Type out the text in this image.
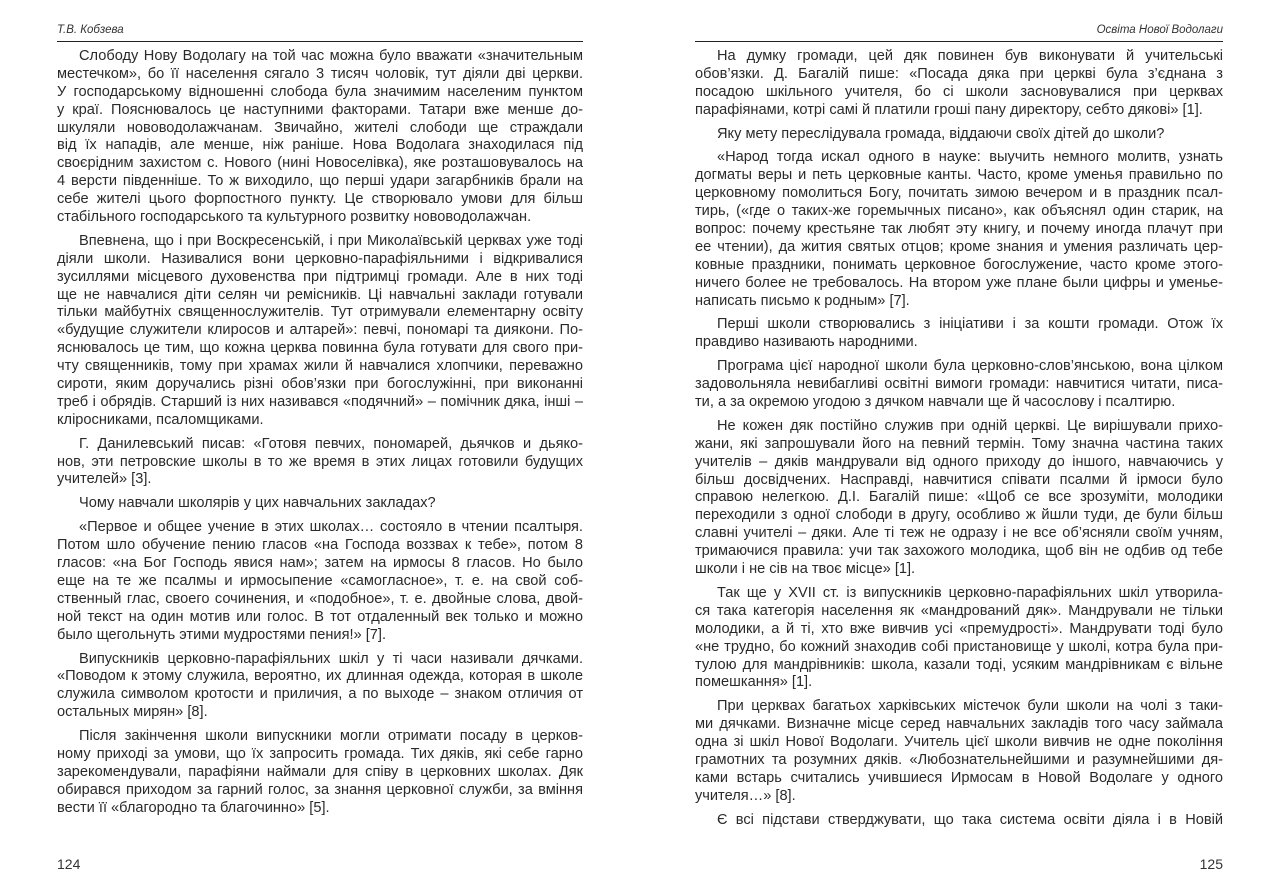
Т.В. Кобзева
Слободу Нову Водолагу на той час можна було вважати «значительным
местечком», бо її населення сягало 3 тисяч чоловік, тут діяли дві церкви.
У господарському відношенні слобода була значимим населеним пунктом
у краї. Пояснювалось це наступними факторами. Татари вже менше до-
шкуляли нововодолажчанам. Звичайно, жителі слободи ще страждали
від їх нападів, але менше, ніж раніше. Нова Водолага знаходилася під
своєрідним захистом с. Нового (нині Новоселівка), яке розташовувалось на
4 версти південніше. То ж виходило, що перші удари загарбників брали на
себе жителі цього форпостного пункту. Це створювало умови для більш
стабільного господарського та культурного розвитку нововодолажчан.
Впевнена, що і при Воскресенській, і при Миколаївській церквах уже тоді
діяли школи. Називалися вони церковно-парафіяльними і відкривалися
зусиллями місцевого духовенства при підтримці громади. Але в них тоді
ще не навчалися діти селян чи ремісників. Ці навчальні заклади готували
тільки майбутніх священнослужителів. Тут отримували елементарну освіту
«будущие служители клиросов и алтарей»: певчі, пономарі та диякони. По-
яснювалось це тим, що кожна церква повинна була готувати для свого при-
чту священників, тому при храмах жили й навчалися хлопчики, переважно
сироти, яким доручались різні обов’язки при богослужінні, при виконанні
треб і обрядів. Старший із них називався «подячний» – помічник дяка, інші –
кліросниками, псаломщиками.
Г. Данилевський писав: «Готовя певчих, пономарей, дьячков и дьяко-
нов, эти петровские школы в то же время в этих лицах готовили будущих
учителей» [3].
Чому навчали школярів у цих навчальних закладах?
«Первое и общее учение в этих школах… состояло в чтении псалтыря.
Потом шло обучение пению гласов «на Господа воззвах к тебе», потом 8
гласов: «на Бог Господь явися нам»; затем на ирмосы 8 гласов. Но было
еще на те же псалмы и ирмосыпение «самогласное», т. е. на свой соб-
ственный глас, своего сочинения, и «подобное», т. е. двойные слова, двой-
ной текст на один мотив или голос. В тот отдаленный век только и можно
было щегольнуть этими мудростями пения!» [7].
Випускників церковно-парафіяльних шкіл у ті часи називали дячками.
«Поводом к этому служила, вероятно, их длинная одежда, которая в школе
служила символом кротости и приличия, а по выходе – знаком отличия от
остальных мирян» [8].
Після закінчення школи випускники могли отримати посаду в церков-
ному приході за умови, що їх запросить громада. Тих дяків, які себе гарно
зарекомендували, парафіяни наймали для співу в церковних школах. Дяк
обирався приходом за гарний голос, за знання церковної служби, за вміння
вести її «благородно та благочинно» [5].
124
Освіта Нової Водолаги
На думку громади, цей дяк повинен був виконувати й учительські
обов’язки. Д. Багалій пише: «Посада дяка при церкві була з’єднана з
посадою шкільного учителя, бо сі школи засновувалися при церквах
парафіянами, котрі самі й платили гроші пану директору, себто дякові» [1].
Яку мету переслідувала громада, віддаючи своїх дітей до школи?
«Народ тогда искал одного в науке: выучить немного молитв, узнать
догматы веры и петь церковные канты. Часто, кроме уменья правильно по
церковному помолиться Богу, почитать зимою вечером и в праздник псал-
тирь, («где о таких-же горемычных писано», как объяснял один старик, на
вопрос: почему крестьяне так любят эту книгу, и почему иногда плачут при
ее чтении), да жития святых отцов; кроме знания и умения различать цер-
ковные праздники, понимать церковное богослужение, часто кроме этого-
ничего более не требовалось. На втором уже плане были цифры и уменье-
написать письмо к родным» [7].
Перші школи створювались з ініціативи і за кошти громади. Отож їх
правдиво називають народними.
Програма цієї народної школи була церковно-слов’янською, вона цілком
задовольняла невибагливі освітні вимоги громади: навчитися читати, писа-
ти, а за окремою угодою з дячком навчали ще й часослову і псалтирю.
Не кожен дяк постійно служив при одній церкві. Це вирішували прихо-
жани, які запрошували його на певний термін. Тому значна частина таких
учителів – дяків мандрували від одного приходу до іншого, навчаючись у
більш досвідчених. Насправді, навчитися співати псалми й ірмоси було
справою нелегкою. Д.І. Багалій пише: «Щоб се все зрозуміти, молодики
переходили з одної слободи в другу, особливо ж йшли туди, де були більш
славні учителі – дяки. Але ті теж не одразу і не все об’ясняли своїм учням,
тримаючися правила: учи так захожого молодика, щоб він не одбив од тебе
школи і не сів на твоє місце» [1].
Так ще у XVII ст. із випускників церковно-парафіяльних шкіл утворила-
ся така категорія населення як «мандрований дяк». Мандрували не тільки
молодики, а й ті, хто вже вивчив усі «премудрості». Мандрувати тоді було
«не трудно, бо кожний знаходив собі пристановище у школі, котра була при-
тулою для мандрівників: школа, казали тоді, усяким мандрівникам є вільне
помешкання» [1].
При церквах багатьох харківських містечок були школи на чолі з таки-
ми дячками. Визначне місце серед навчальних закладів того часу займала
одна зі шкіл Нової Водолаги. Учитель цієї школи вивчив не одне покоління
грамотних та розумних дяків. «Любознательнейшими и разумнейшими дя-
ками встарь считались учившиеся Ирмосам в Новой Водолаге у одного
учителя…» [8].
Є всі підстави стверджувати, що така система освіти діяла і в Новій
125
